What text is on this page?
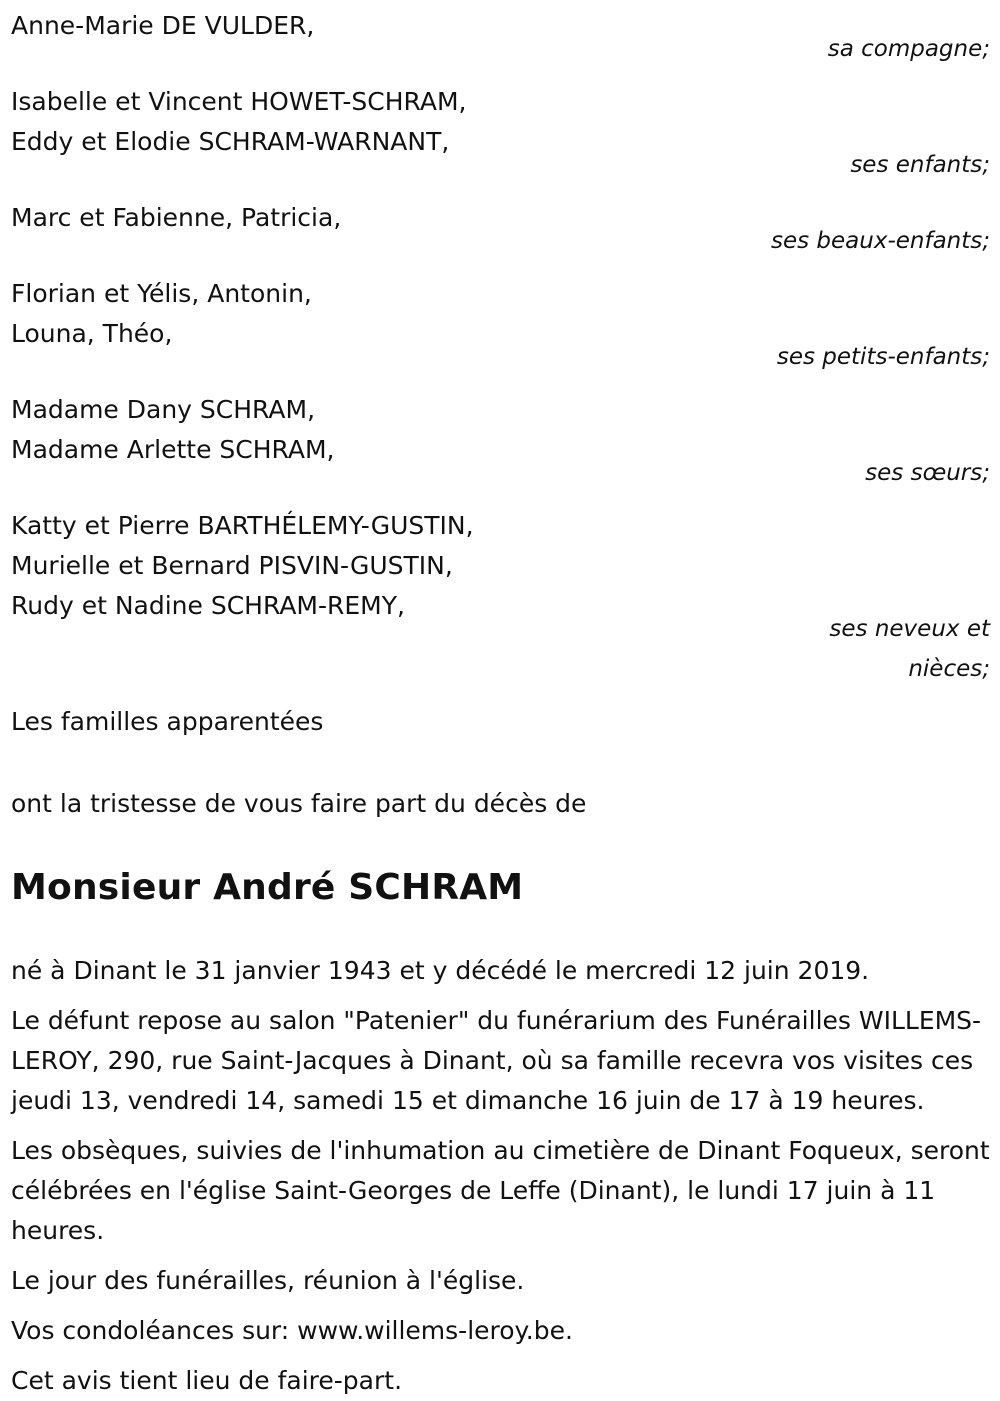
Anne-Marie DE VULDER,
sa compagne;
Isabelle et Vincent HOWET-SCHRAM,
Eddy et Elodie SCHRAM-WARNANT,
ses enfants;
Marc et Fabienne, Patricia,
ses beaux-enfants;
Florian et Yélis, Antonin,
Louna, Théo,
ses petits-enfants;
Madame Dany SCHRAM,
Madame Arlette SCHRAM,
ses sœurs;
Katty et Pierre BARTHÉLEMY-GUSTIN,
Murielle et Bernard PISVIN-GUSTIN,
Rudy et Nadine SCHRAM-REMY,
ses neveux et
nièces;
Les familles apparentées
ont la tristesse de vous faire part du décès de
Monsieur André SCHRAM

né à Dinant le 31 janvier 1943 et y décédé le mercredi 12 juin 2019.

Le défunt repose au salon "Patenier" du funérarium des Funérailles WILLEMS-LEROY, 290, rue Saint-Jacques à Dinant, où sa famille recevra vos visites ces jeudi 13, vendredi 14, samedi 15 et dimanche 16 juin de 17 à 19 heures.

Les obsèques, suivies de l'inhumation au cimetière de Dinant Foqueux, seront célébrées en l'église Saint-Georges de Leffe (Dinant), le lundi 17 juin à 11 heures.

Le jour des funérailles, réunion à l'église.

Vos condoléances sur: www.willems-leroy.be.

Cet avis tient lieu de faire-part.
